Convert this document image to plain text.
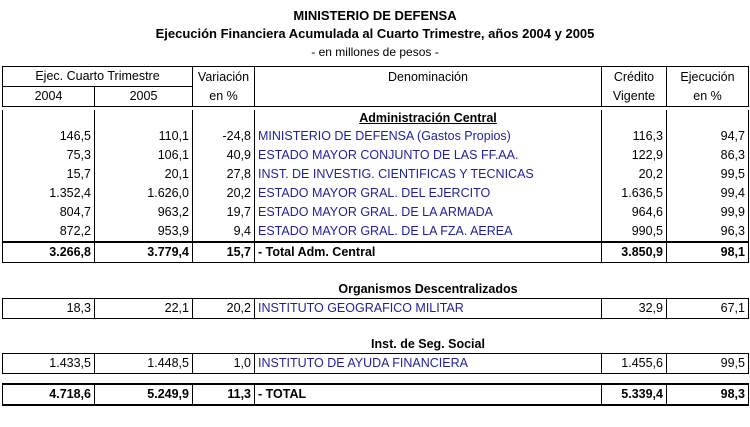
MINISTERIO DE DEFENSA
Ejecución Financiera Acumulada al Cuarto Trimestre, años 2004 y 2005
- en millones de pesos -
Ejec. Cuarto Trimestre		Variación	Denominación	Crédito	Ejecución
2004	2005	en %		Vigente	en %
			Administración Central		
146,5	110,1	-24,8	MINISTERIO DE DEFENSA (Gastos Propios)	116,3	94,7
75,3	106,1	40,9	ESTADO MAYOR CONJUNTO DE LAS FF.AA.	122,9	86,3
15,7	20,1	27,8	INST. DE INVESTIG. CIENTIFICAS Y TECNICAS	20,2	99,5
1.352,4	1.626,0	20,2	ESTADO MAYOR GRAL. DEL EJERCITO	1.636,5	99,4
804,7	963,2	19,7	ESTADO MAYOR GRAL. DE LA ARMADA	964,6	99,9
872,2	953,9	9,4	ESTADO MAYOR GRAL. DE LA FZA. AEREA	990,5	96,3
3.266,8	3.779,4	15,7	- Total Adm. Central	3.850,9	98,1
			Organismos Descentralizados		
18,3	22,1	20,2	INSTITUTO GEOGRAFICO MILITAR	32,9	67,1
			Inst. de Seg. Social		
1.433,5	1.448,5	1,0	INSTITUTO DE AYUDA FINANCIERA	1.455,6	99,5
4.718,6	5.249,9	11,3	- TOTAL	5.339,4	98,3
